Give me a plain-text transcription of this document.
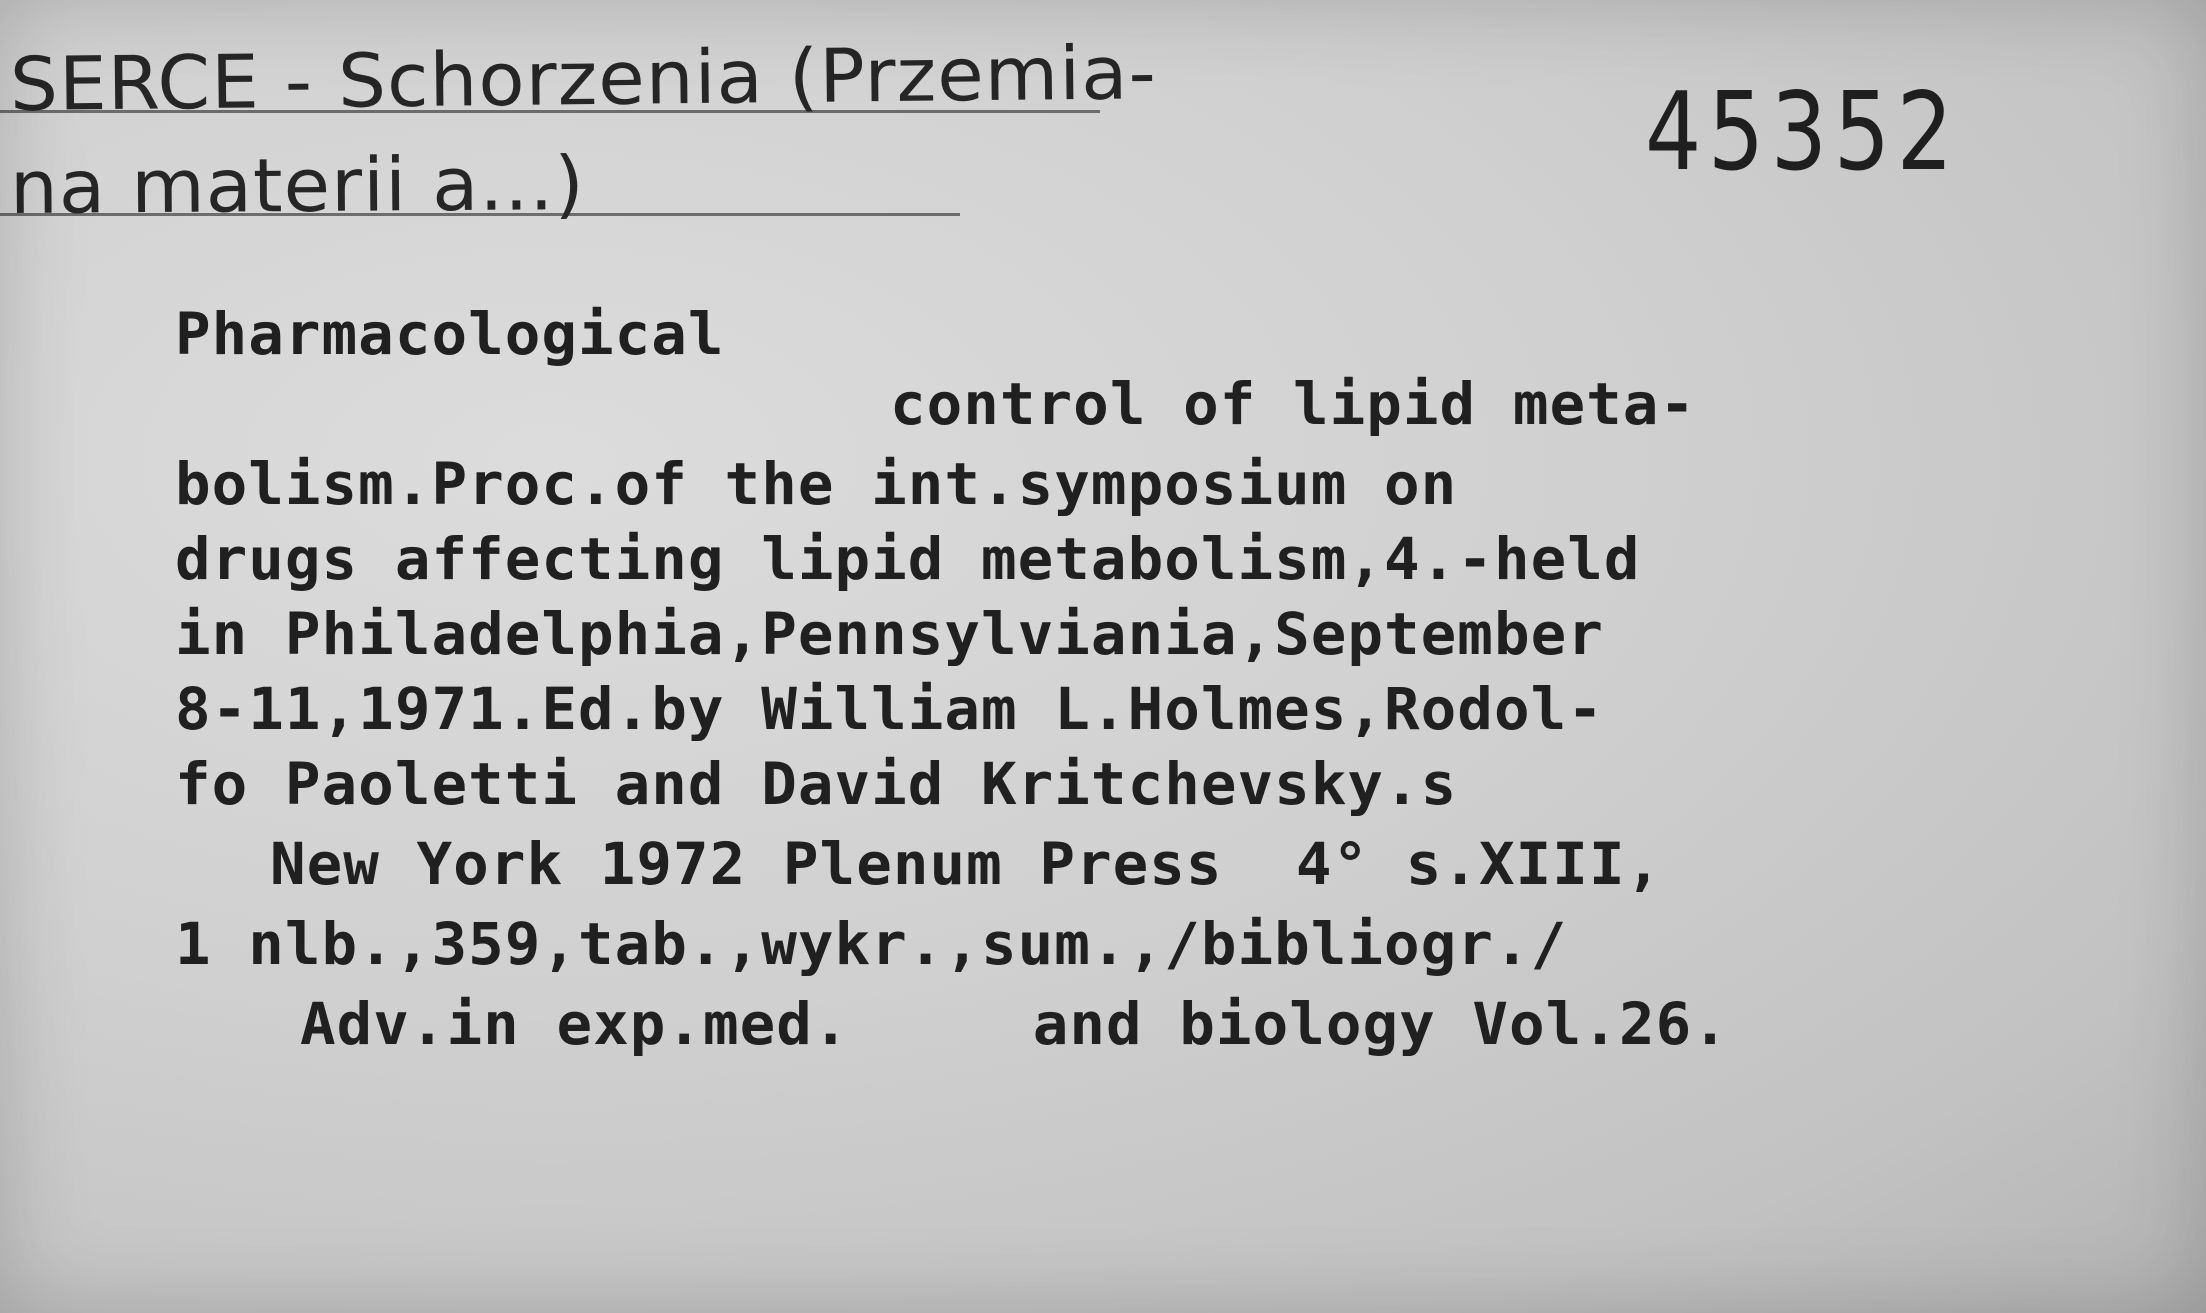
SERCE - Schorzenia (Przemia-
na materii a...)	45352
Pharmacological
control of lipid meta-
bolism.Proc.of the int.symposium on
drugs affecting lipid metabolism,4.-held
in Philadelphia,Pennsylviania,September
8-11,1971.Ed.by William L.Holmes,Rodol-
fo Paoletti and David Kritchevsky.s
New York 1972 Plenum Press  4° s.XIII,
1 nlb.,359,tab.,wykr.,sum.,/bibliogr./
Adv.in exp.med.     and biology Vol.26.
